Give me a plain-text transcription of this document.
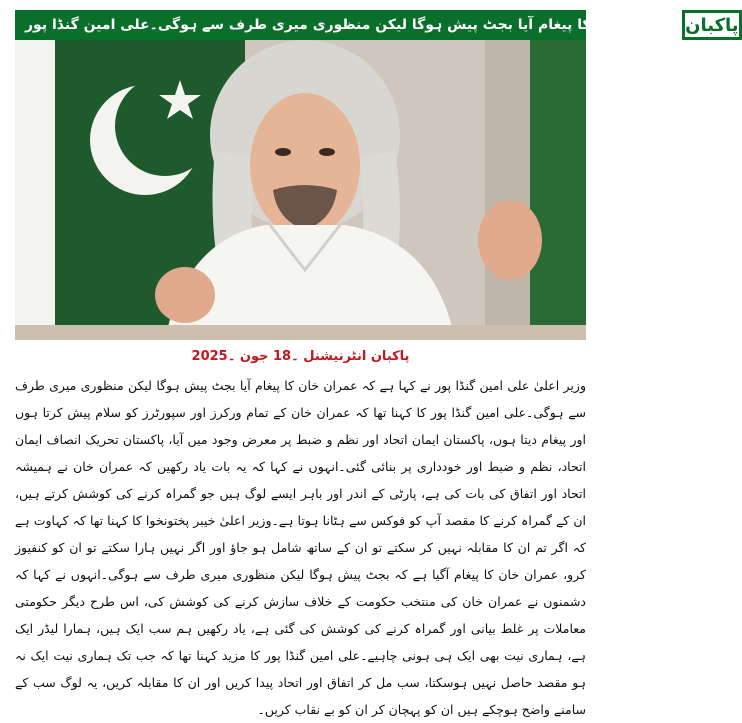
عمران خان کا پیغام آیا بجٹ پیش ہوگا لیکن منظوری میری طرف سے ہوگی۔علی امین گنڈا پور پاکبان
پاکبان انٹرنیشنل ۔18 جون ۔2025

وزیر اعلیٰ علی امین گنڈا پور نے کہا ہے کہ عمران خان کا پیغام آیا بجٹ پیش ہوگا لیکن منظوری میری طرف سے ہوگی۔علی امین گنڈا پور کا کہنا تھا کہ عمران خان کے تمام ورکرز اور سپورٹرز کو سلام پیش کرتا ہوں اور پیغام دیتا ہوں، پاکستان ایمان اتحاد اور نظم و ضبط پر معرض وجود میں آیا، پاکستان تحریک انصاف ایمان اتحاد، نظم و ضبط اور خودداری پر بنائی گئی۔انہوں نے کہا کہ یہ بات یاد رکھیں کہ عمران خان نے ہمیشہ اتحاد اور اتفاق کی بات کی ہے، پارٹی کے اندر اور باہر ایسے لوگ ہیں جو گمراہ کرنے کی کوشش کرتے ہیں، ان کے گمراہ کرنے کا مقصد آپ کو فوکس سے ہٹانا ہوتا ہے۔وزیر اعلیٰ خیبر پختونخوا کا کہنا تھا کہ کہاوت ہے کہ اگر تم ان کا مقابلہ نہیں کر سکتے تو ان کے ساتھ شامل ہو جاؤ اور اگر نہیں ہارا سکتے تو ان کو کنفیوز کرو، عمران خان کا پیغام آگیا ہے کہ بجٹ پیش ہوگا لیکن منظوری میری طرف سے ہوگی۔انہوں نے کہا کہ دشمنوں نے عمران خان کی منتخب حکومت کے خلاف سازش کرنے کی کوشش کی، اس طرح دیگر حکومتی معاملات پر غلط بیانی اور گمراہ کرنے کی کوشش کی گئی ہے، یاد رکھیں ہم سب ایک ہیں، ہمارا لیڈر ایک ہے، ہماری نیت بھی ایک ہی ہونی چاہیے۔علی امین گنڈا پور کا مزید کہنا تھا کہ جب تک ہماری نیت ایک نہ ہو مقصد حاصل نہیں ہوسکتا، سب مل کر اتفاق اور اتحاد پیدا کریں اور ان کا مقابلہ کریں، یہ لوگ سب کے سامنے واضح ہوچکے ہیں ان کو پہچان کر ان کو بے نقاب کریں۔
